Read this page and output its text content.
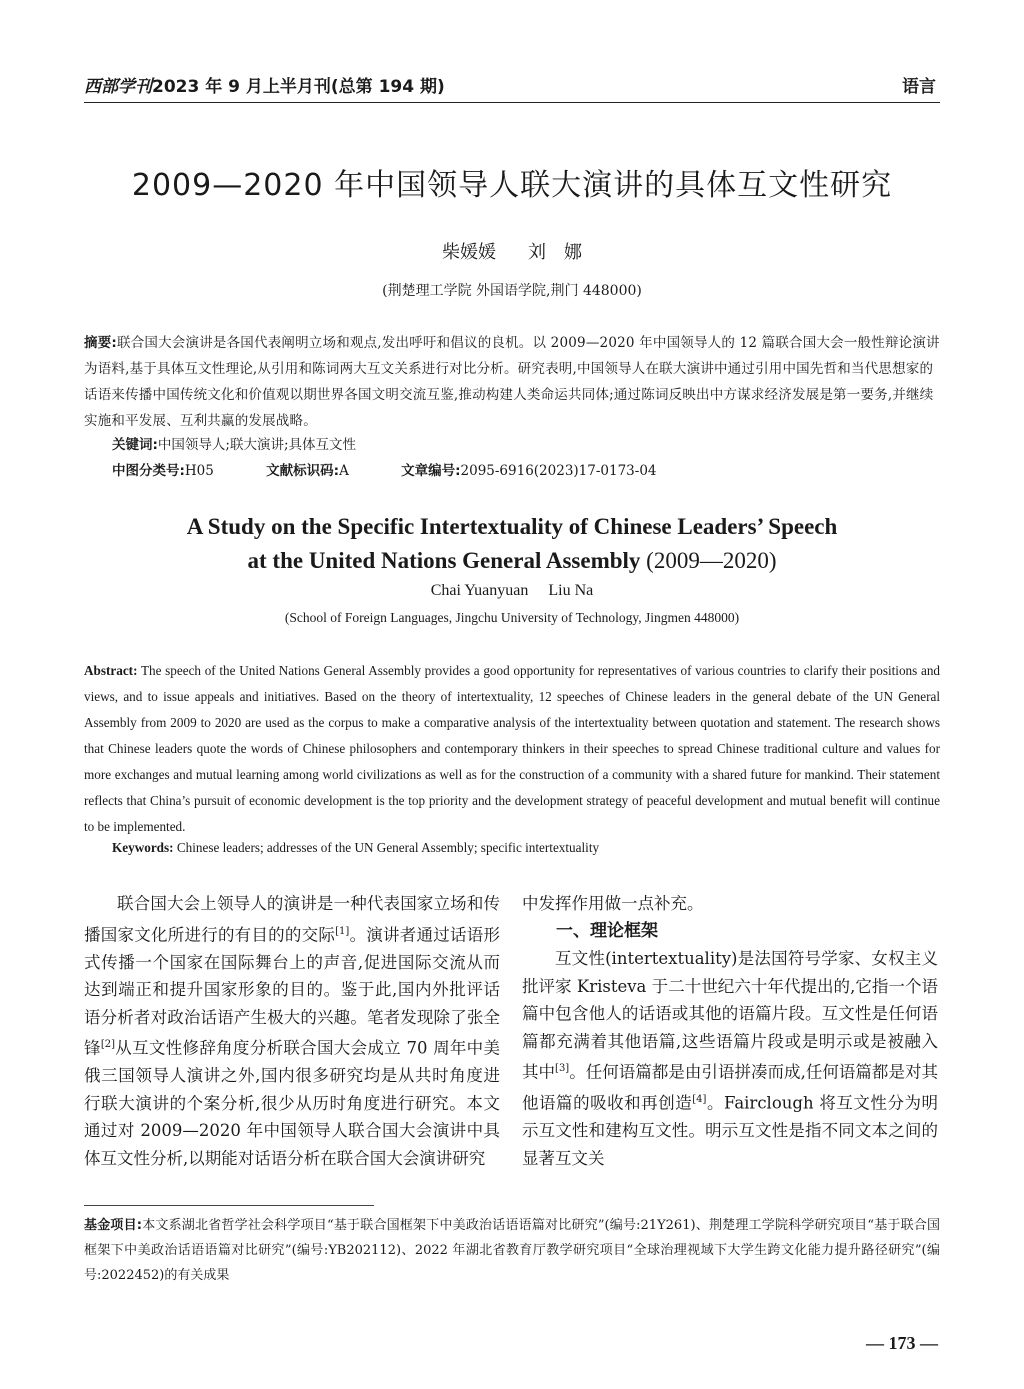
西部学刊2023 年 9 月上半月刊(总第 194 期)	语言
2009—2020 年中国领导人联大演讲的具体互文性研究
柴媛媛 刘　娜
(荆楚理工学院 外国语学院,荆门 448000)
摘要:联合国大会演讲是各国代表阐明立场和观点,发出呼吁和倡议的良机。以 2009—2020 年中国领导人的 12 篇联合国大会一般性辩论演讲为语料,基于具体互文性理论,从引用和陈词两大互文关系进行对比分析。研究表明,中国领导人在联大演讲中通过引用中国先哲和当代思想家的话语来传播中国传统文化和价值观以期世界各国文明交流互鉴,推动构建人类命运共同体;通过陈词反映出中方谋求经济发展是第一要务,并继续实施和平发展、互利共赢的发展战略。
关键词:中国领导人;联大演讲;具体互文性
中图分类号:H05	文献标识码:A	文章编号:2095-6916(2023)17-0173-04
A Study on the Specific Intertextuality of Chinese Leaders’ Speech
at the United Nations General Assembly (2009—2020)
Chai Yuanyuan Liu Na
(School of Foreign Languages, Jingchu University of Technology, Jingmen 448000)
Abstract: The speech of the United Nations General Assembly provides a good opportunity for representatives of various countries to clarify their positions and views, and to issue appeals and initiatives. Based on the theory of intertextuality, 12 speeches of Chinese leaders in the general debate of the UN General Assembly from 2009 to 2020 are used as the corpus to make a comparative analysis of the intertextuality between quotation and statement. The research shows that Chinese leaders quote the words of Chinese philosophers and contemporary thinkers in their speeches to spread Chinese traditional culture and values for more exchanges and mutual learning among world civilizations as well as for the construction of a community with a shared future for mankind. Their statement reflects that China’s pursuit of economic development is the top priority and the development strategy of peaceful development and mutual benefit will continue to be implemented.
Keywords: Chinese leaders; addresses of the UN General Assembly; specific intertextuality

联合国大会上领导人的演讲是一种代表国家立场和传播国家文化所进行的有目的的交际[1]。演讲者通过话语形式传播一个国家在国际舞台上的声音,促进国际交流从而达到端正和提升国家形象的目的。鉴于此,国内外批评话语分析者对政治话语产生极大的兴趣。笔者发现除了张全锋[2]从互文性修辞角度分析联合国大会成立 70 周年中美俄三国领导人演讲之外,国内很多研究均是从共时角度进行联大演讲的个案分析,很少从历时角度进行研究。本文通过对 2009—2020 年中国领导人联合国大会演讲中具体互文性分析,以期能对话语分析在联合国大会演讲研究

中发挥作用做一点补充。

一、理论框架

互文性(intertextuality)是法国符号学家、女权主义批评家 Kristeva 于二十世纪六十年代提出的,它指一个语篇中包含他人的话语或其他的语篇片段。互文性是任何语篇都充满着其他语篇,这些语篇片段或是明示或是被融入其中[3]。任何语篇都是由引语拼凑而成,任何语篇都是对其他语篇的吸收和再创造[4]。Fairclough 将互文性分为明示互文性和建构互文性。明示互文性是指不同文本之间的显著互文关

基金项目:本文系湖北省哲学社会科学项目“基于联合国框架下中美政治话语语篇对比研究”(编号:21Y261)、荆楚理工学院科学研究项目“基于联合国框架下中美政治话语语篇对比研究”(编号:YB202112)、2022 年湖北省教育厅教学研究项目“全球治理视域下大学生跨文化能力提升路径研究”(编号:2022452)的有关成果
— 173 —
